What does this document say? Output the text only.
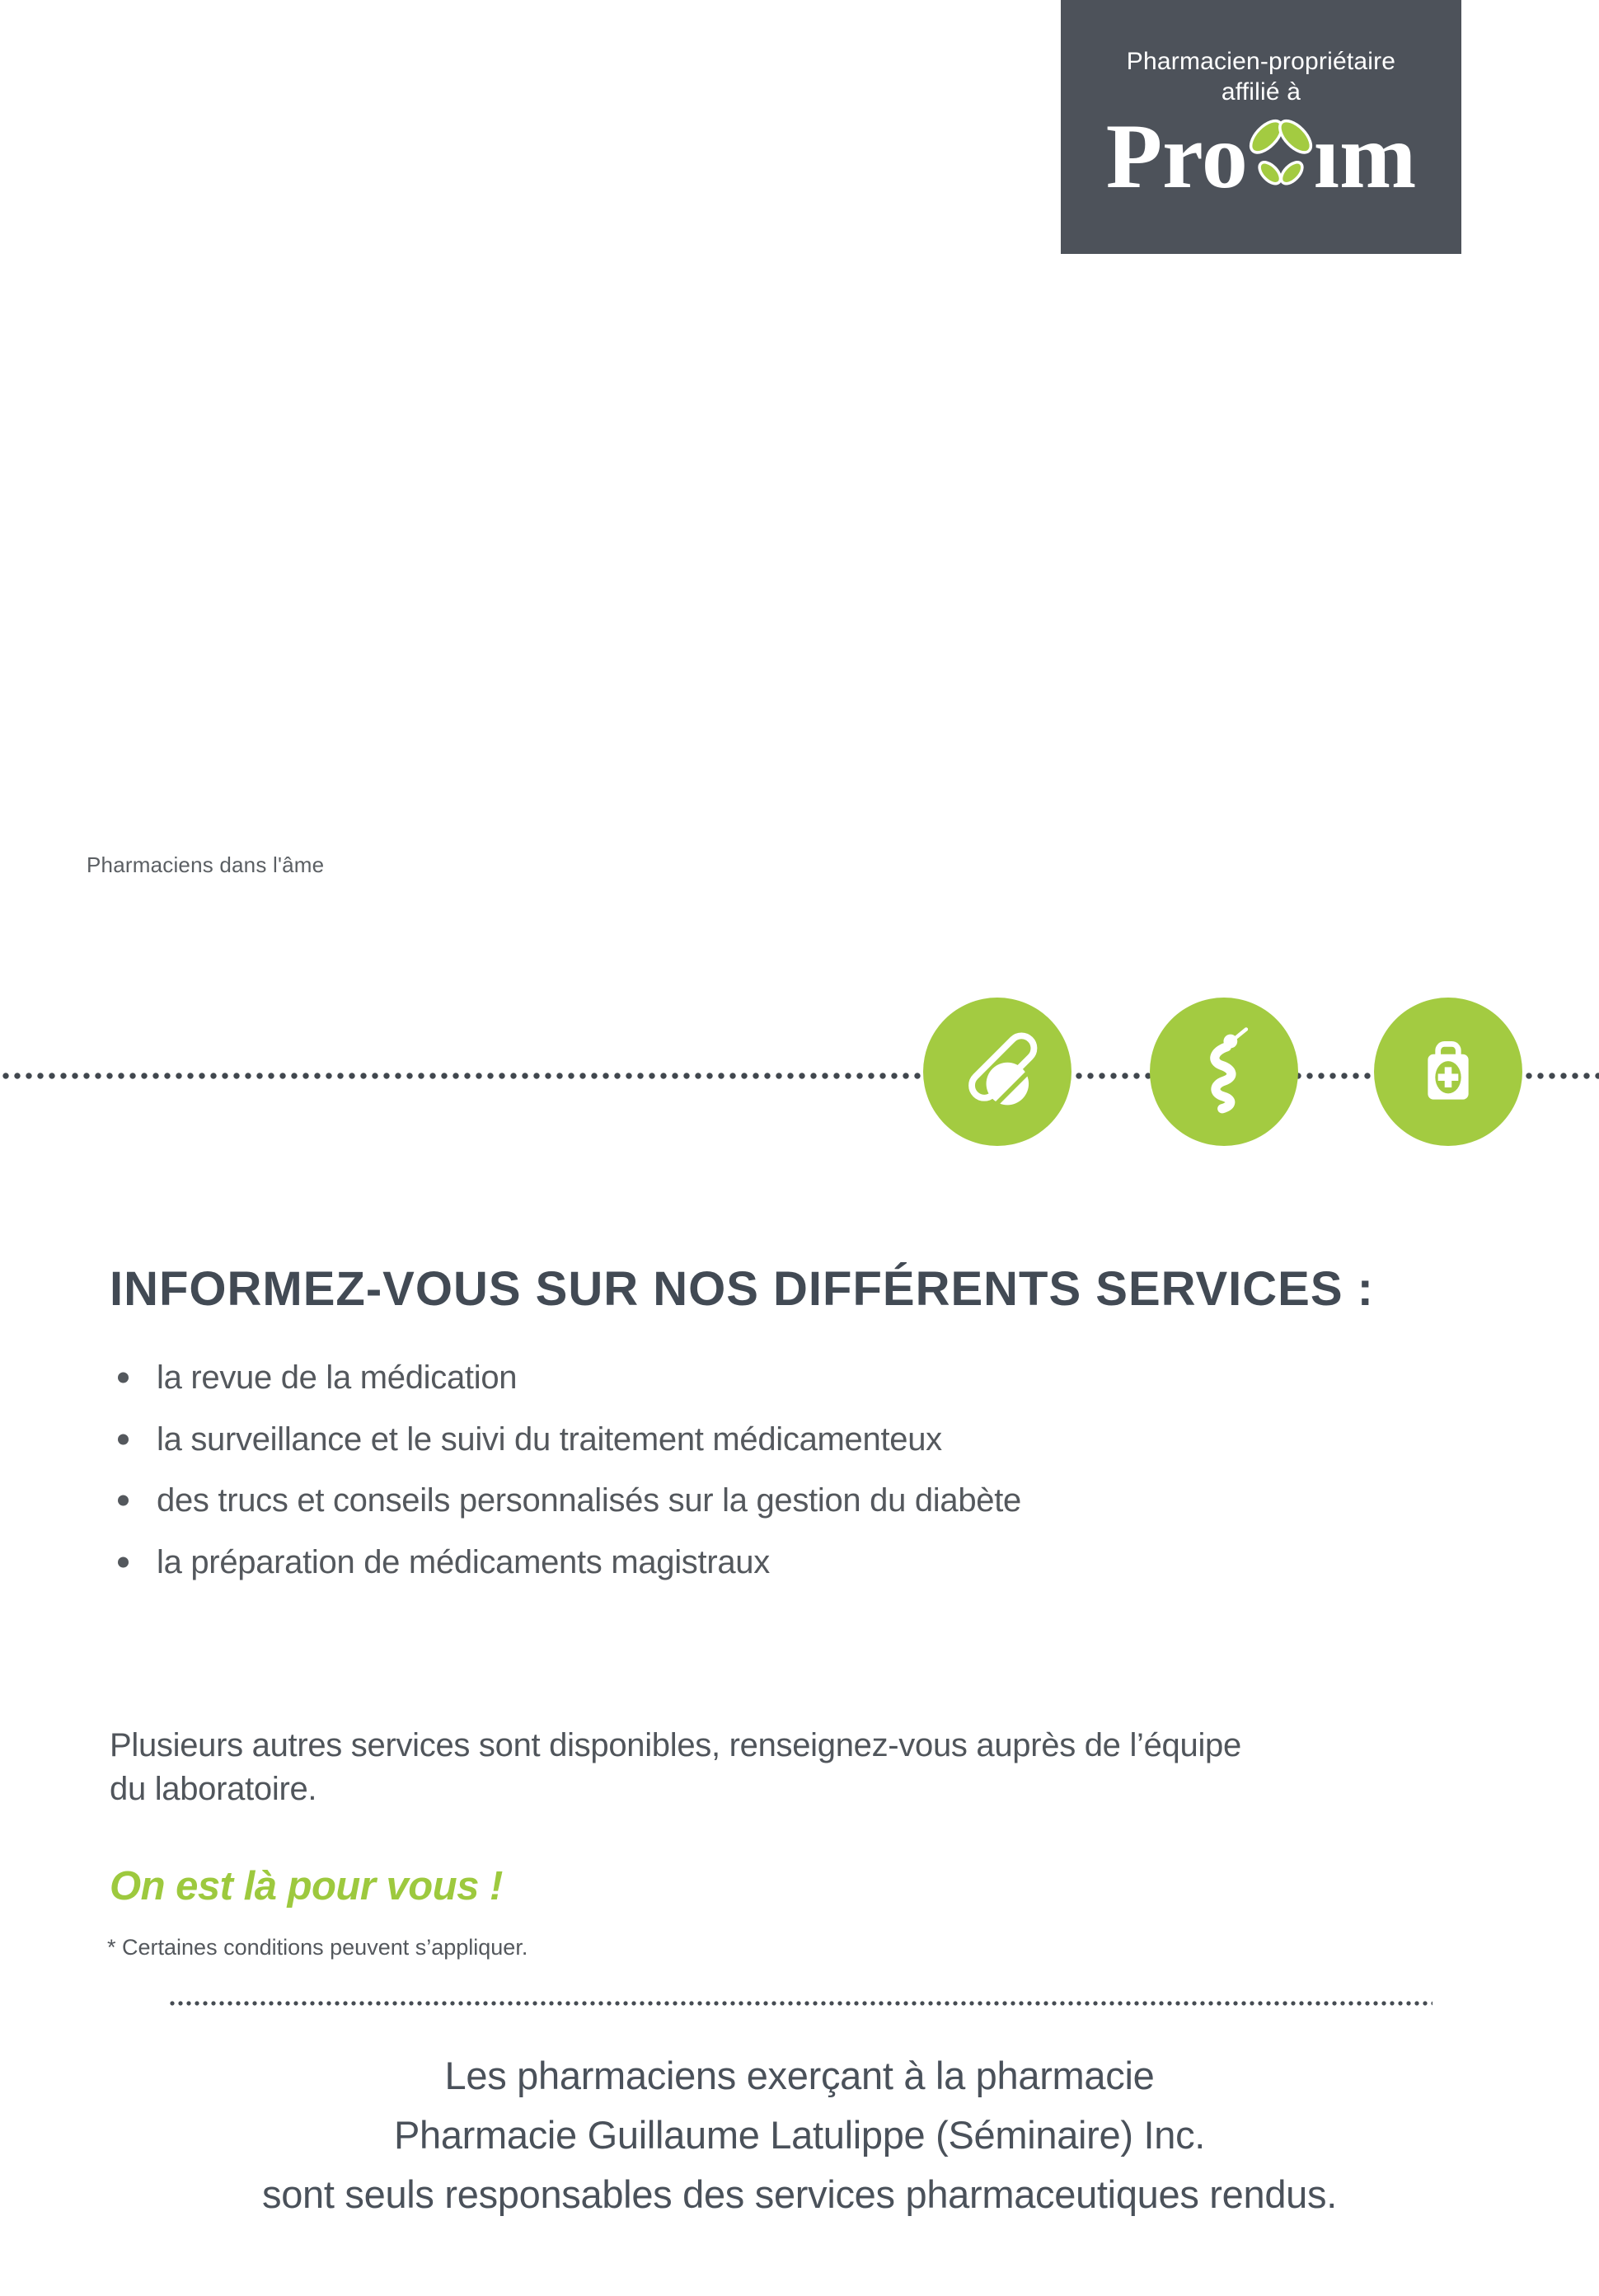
Pharmacien-propriétaire
affilié à
Pro ım
Pharmaciens dans l'âme
INFORMEZ-VOUS SUR NOS DIFFÉRENTS SERVICES :
la revue de la médication
la surveillance et le suivi du traitement médicamenteux
des trucs et conseils personnalisés sur la gestion du diabète
la préparation de médicaments magistraux

Plusieurs autres services sont disponibles, renseignez-vous auprès de l’équipe
du laboratoire.

On est là pour vous !

* Certaines conditions peuvent s’appliquer.

Les pharmaciens exerçant à la pharmacie
Pharmacie Guillaume Latulippe (Séminaire) Inc.
sont seuls responsables des services pharmaceutiques rendus.
